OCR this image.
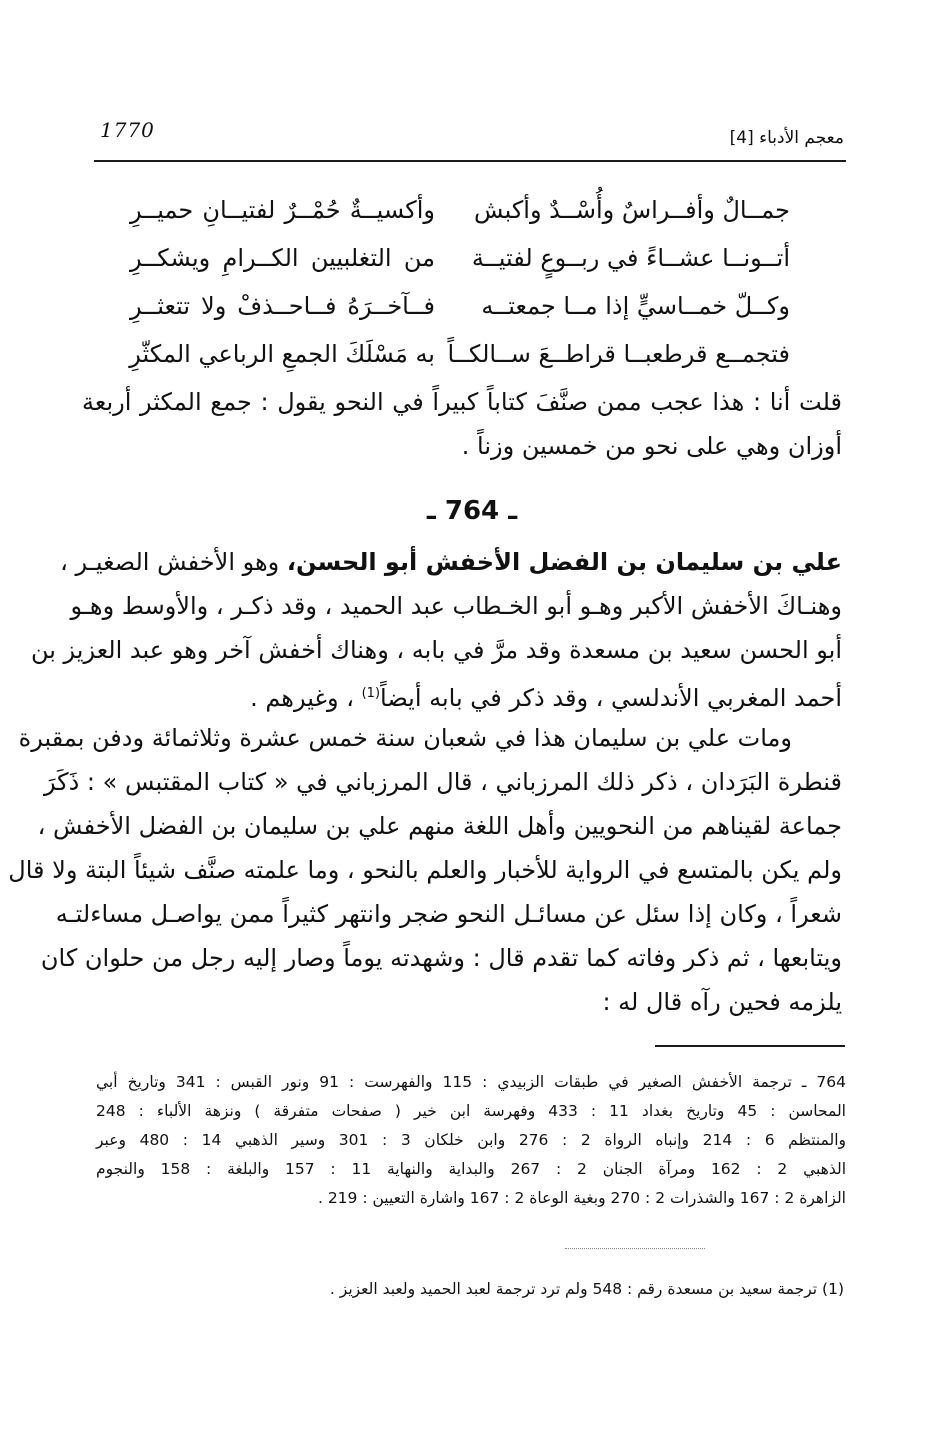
1770	معجم الأدباء [4]
جمــالٌ وأفــراسٌ وأُسْــدٌ وأكبش
وأكسيــةٌ حُمْــرٌ لفتيــانِ حميــرِ
أتــونــا عشــاءً في ربــوعٍ لفتيــة
من التغلبيين الكــرامِ ويشكــرِ
وكــلّ خمــاسيٍّ إذا مــا جمعتــه
فــآخــرَهُ فــاحــذفْ ولا تتعثــرِ
فتجمــع قرطعبــا قراطــعَ ســالكــاً
به مَسْلَكَ الجمعِ الرباعي المكثّرِ
قلت أنا : هذا عجب ممن صنَّفَ كتاباً كبيراً في النحو يقول : جمع المكثر أربعة
أوزان وهي على نحو من خمسين وزناً .
ـ 764 ـ
علي بن سليمان بن الفضل الأخفش أبو الحسن، وهو الأخفش الصغيـر ،
وهنـاكَ الأخفش الأكبر وهـو أبو الخـطاب عبد الحميد ، وقد ذكـر ، والأوسط وهـو
أبو الحسن سعيد بن مسعدة وقد مرَّ في بابه ، وهناك أخفش آخر وهو عبد العزيز بن
أحمد المغربي الأندلسي ، وقد ذكر في بابه أيضاً$^{(1)}$ ، وغيرهم .
ومات علي بن سليمان هذا في شعبان سنة خمس عشرة وثلاثمائة ودفن بمقبرة
قنطرة البَرَدان ، ذكر ذلك المرزباني ، قال المرزباني في « كتاب المقتبس » : ذَكَرَ
جماعة لقيناهم من النحويين وأهل اللغة منهم علي بن سليمان بن الفضل الأخفش ،
ولم يكن بالمتسع في الرواية للأخبار والعلم بالنحو ، وما علمته صنَّف شيئاً البتة ولا قال
شعراً ، وكان إذا سئل عن مسائـل النحو ضجر وانتهر كثيراً ممن يواصـل مساءلتـه
ويتابعها ، ثم ذكر وفاته كما تقدم قال : وشهدته يوماً وصار إليه رجل من حلوان كان
يلزمه فحين رآه قال له :
764 ـ ترجمة الأخفش الصغير في طبقات الزبيدي : 115 والفهرست : 91 ونور القبس : 341 وتاريخ أبي
المحاسن : 45 وتاريخ بغداد 11 : 433 وفهرسة ابن خير ( صفحات متفرقة ) ونزهة الألباء : 248
والمنتظم 6 : 214 وإنباه الرواة 2 : 276 وابن خلكان 3 : 301 وسير الذهبي 14 : 480 وعبر
الذهبي 2 : 162 ومرآة الجنان 2 : 267 والبداية والنهاية 11 : 157 والبلغة : 158 والنجوم
الزاهرة 2 : 167 والشذرات 2 : 270 وبغية الوعاة 2 : 167 واشارة التعيين : 219 .
(1) ترجمة سعيد بن مسعدة رقم : 548 ولم ترد ترجمة لعبد الحميد ولعبد العزيز .
